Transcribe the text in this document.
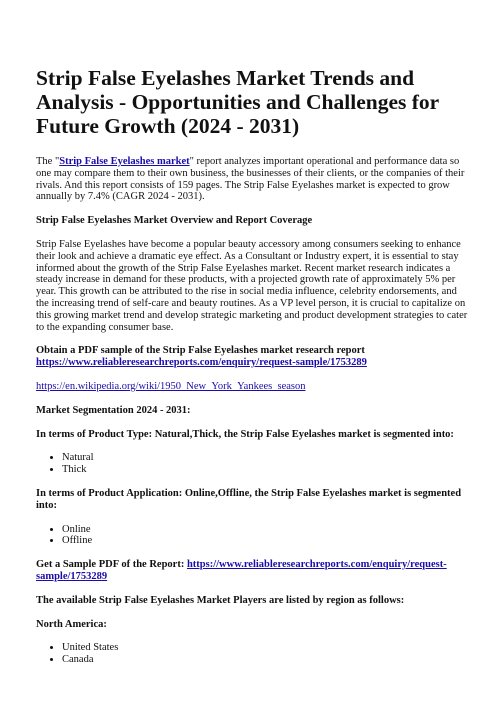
Strip False Eyelashes Market Trends and Analysis - Opportunities and Challenges for Future Growth (2024 - 2031)

The "Strip False Eyelashes market" report analyzes important operational and performance data so one may compare them to their own business, the businesses of their clients, or the companies of their rivals. And this report consists of 159 pages. The Strip False Eyelashes market is expected to grow annually by 7.4% (CAGR 2024 - 2031).

Strip False Eyelashes Market Overview and Report Coverage

Strip False Eyelashes have become a popular beauty accessory among consumers seeking to enhance their look and achieve a dramatic eye effect. As a Consultant or Industry expert, it is essential to stay informed about the growth of the Strip False Eyelashes market. Recent market research indicates a steady increase in demand for these products, with a projected growth rate of approximately 5% per year. This growth can be attributed to the rise in social media influence, celebrity endorsements, and the increasing trend of self-care and beauty routines. As a VP level person, it is crucial to capitalize on this growing market trend and develop strategic marketing and product development strategies to cater to the expanding consumer base.

Obtain a PDF sample of the Strip False Eyelashes market research report https://www.reliableresearchreports.com/enquiry/request-sample/1753289

https://en.wikipedia.org/wiki/1950_New_York_Yankees_season

Market Segmentation 2024 - 2031:

In terms of Product Type: Natural,Thick, the Strip False Eyelashes market is segmented into:

• Natural
• Thick

In terms of Product Application: Online,Offline, the Strip False Eyelashes market is segmented into:

• Online
• Offline

Get a Sample PDF of the Report: https://www.reliableresearchreports.com/enquiry/request-sample/1753289

The available Strip False Eyelashes Market Players are listed by region as follows:

North America:

• United States
• Canada
